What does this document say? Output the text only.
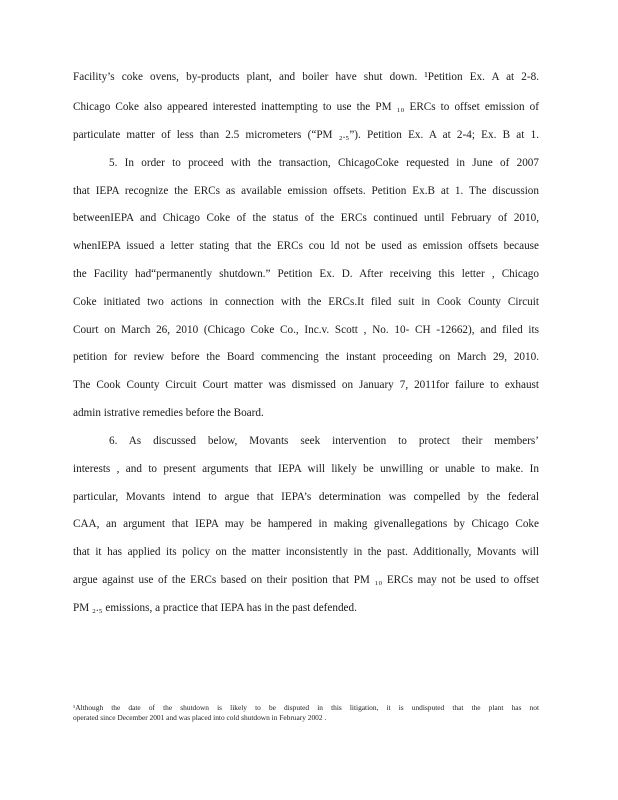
Facility’s coke ovens, by-products plant, and boiler have shut down. ¹Petition Ex. A at 2-8.
Chicago Coke also appeared interested inattempting to use the PM ₁₀ ERCs to offset emission of
particulate matter of less than 2.5 micrometers (“PM ₂.₅”). Petition Ex. A at 2-4; Ex. B at 1.
5. In order to proceed with the transaction, ChicagoCoke requested in June of 2007
that IEPA recognize the ERCs as available emission offsets. Petition Ex.B at 1. The discussion
betweenIEPA and Chicago Coke of the status of the ERCs continued until February of 2010,
whenIEPA issued a letter stating that the ERCs cou ld not be used as emission offsets because
the Facility had“permanently shutdown.” Petition Ex. D. After receiving this letter , Chicago
Coke initiated two actions in connection with the ERCs.It filed suit in Cook County Circuit
Court on March 26, 2010 (Chicago Coke Co., Inc.v. Scott , No. 10- CH -12662), and filed its
petition for review before the Board commencing the instant proceeding on March 29, 2010.
The Cook County Circuit Court matter was dismissed on January 7, 2011for failure to exhaust
admin istrative remedies before the Board.
6. As discussed below, Movants seek intervention to protect their members’
interests , and to present arguments that IEPA will likely be unwilling or unable to make. In
particular, Movants intend to argue that IEPA’s determination was compelled by the federal
CAA, an argument that IEPA may be hampered in making givenallegations by Chicago Coke
that it has applied its policy on the matter inconsistently in the past. Additionally, Movants will
argue against use of the ERCs based on their position that PM ₁₀ ERCs may not be used to offset
PM ₂.₅ emissions, a practice that IEPA has in the past defended.
¹Although the date of the shutdown is likely to be disputed in this litigation, it is undisputed that the plant has not
operated since December 2001 and was placed into cold shutdown in February 2002 .
